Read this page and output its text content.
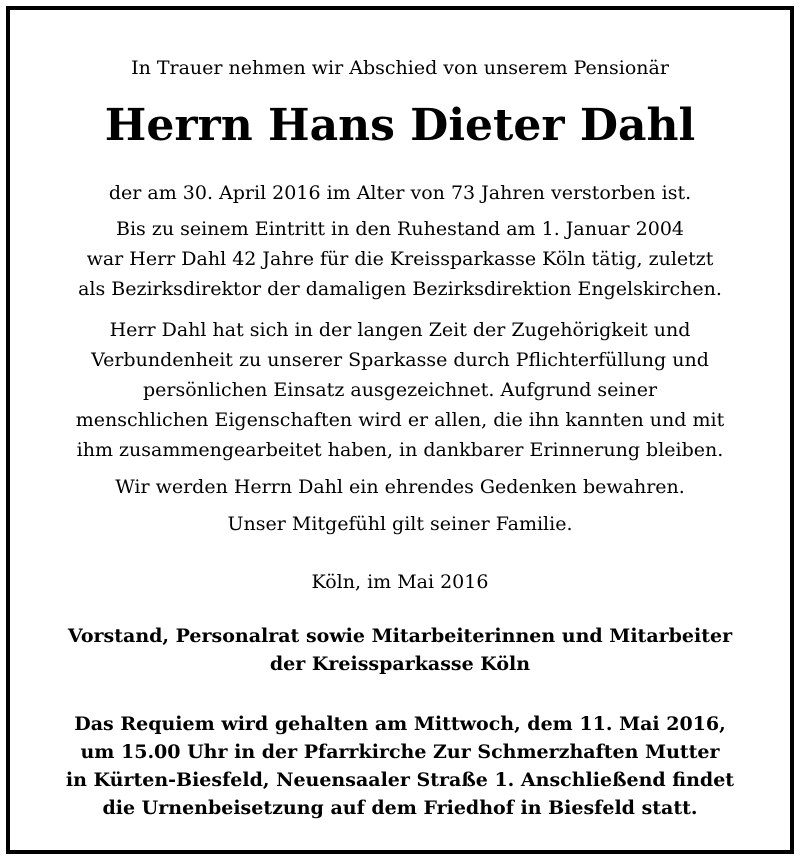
In Trauer nehmen wir Abschied von unserem Pensionär
Herrn Hans Dieter Dahl
der am 30. April 2016 im Alter von 73 Jahren verstorben ist.
Bis zu seinem Eintritt in den Ruhestand am 1. Januar 2004
war Herr Dahl 42 Jahre für die Kreissparkasse Köln tätig, zuletzt
als Bezirksdirektor der damaligen Bezirksdirektion Engelskirchen.
Herr Dahl hat sich in der langen Zeit der Zugehörigkeit und
Verbundenheit zu unserer Sparkasse durch Pflichterfüllung und
persönlichen Einsatz ausgezeichnet. Aufgrund seiner
menschlichen Eigenschaften wird er allen, die ihn kannten und mit
ihm zusammengearbeitet haben, in dankbarer Erinnerung bleiben.
Wir werden Herrn Dahl ein ehrendes Gedenken bewahren.
Unser Mitgefühl gilt seiner Familie.
Köln, im Mai 2016
Vorstand, Personalrat sowie Mitarbeiterinnen und Mitarbeiter
der Kreissparkasse Köln
Das Requiem wird gehalten am Mittwoch, dem 11. Mai 2016,
um 15.00 Uhr in der Pfarrkirche Zur Schmerzhaften Mutter
in Kürten-Biesfeld, Neuensaaler Straße 1. Anschließend findet
die Urnenbeisetzung auf dem Friedhof in Biesfeld statt.
